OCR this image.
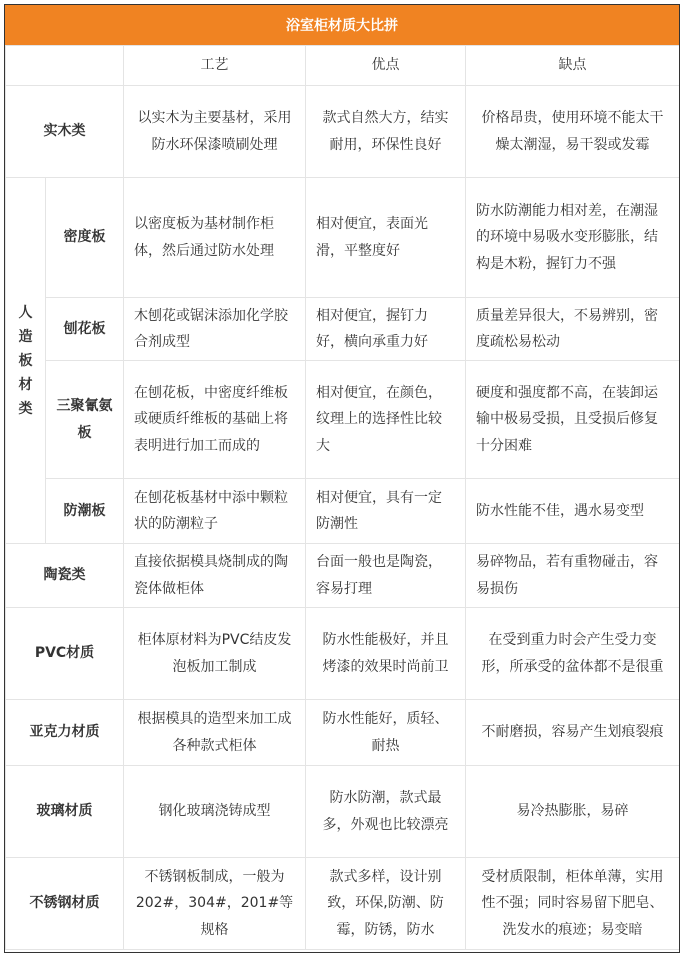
浴室柜材质大比拼
		工艺	优点	缺点
实木类		以实木为主要基材，采用防水环保漆喷刷处理	款式自然大方，结实耐用，环保性良好	价格昂贵，使用环境不能太干燥太潮湿，易干裂或发霉
人造板材类	密度板	以密度板为基材制作柜体，然后通过防水处理	相对便宜，表面光滑，平整度好	防水防潮能力相对差，在潮湿的环境中易吸水变形膨胀，结构是木粉，握钉力不强
	刨花板	木刨花或锯沫添加化学胶合剂成型	相对便宜，握钉力好，横向承重力好	质量差异很大，不易辨别，密度疏松易松动
	三聚氰氨板	在刨花板，中密度纤维板或硬质纤维板的基础上将表明进行加工而成的	相对便宜，在颜色，纹理上的选择性比较大	硬度和强度都不高，在装卸运输中极易受损，且受损后修复十分困难
	防潮板	在刨花板基材中添中颗粒状的防潮粒子	相对便宜，具有一定防潮性	防水性能不佳，遇水易变型
陶瓷类		直接依据模具烧制成的陶瓷体做柜体	台面一般也是陶瓷，容易打理	易碎物品，若有重物碰击，容易损伤
PVC材质		柜体原材料为PVC结皮发泡板加工制成	防水性能极好，并且烤漆的效果时尚前卫	在受到重力时会产生受力变形，所承受的盆体都不是很重
亚克力材质		根据模具的造型来加工成各种款式柜体	防水性能好，质轻、耐热	不耐磨损，容易产生划痕裂痕
玻璃材质		钢化玻璃浇铸成型	防水防潮，款式最多，外观也比较漂亮	易冷热膨胀，易碎
不锈钢材质		不锈钢板制成，一般为202#，304#，201#等规格	款式多样，设计别致，环保,防潮、防霉，防锈，防水	受材质限制，柜体单薄，实用性不强；同时容易留下肥皂、洗发水的痕迹；易变暗
